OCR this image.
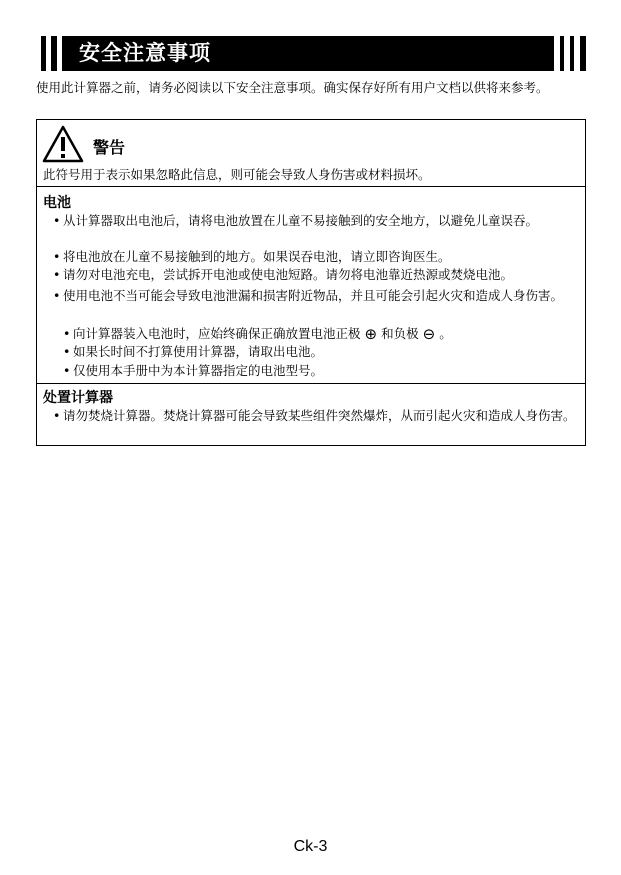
安全注意事项
使用此计算器之前，请务必阅读以下安全注意事项。确实保存好所有用户文档以供将来参考。
警告
此符号用于表示如果忽略此信息，则可能会导致人身伤害或材料损坏。
电池
• 从计算器取出电池后，请将电池放置在儿童不易接触到的安全地方，以避免儿童误吞。
• 将电池放在儿童不易接触到的地方。如果误吞电池，请立即咨询医生。
• 请勿对电池充电，尝试拆开电池或使电池短路。请勿将电池靠近热源或焚烧电池。
• 使用电池不当可能会导致电池泄漏和损害附近物品，并且可能会引起火灾和造成人身伤害。
• 向计算器装入电池时，应始终确保正确放置电池正极 ⊕ 和负极 ⊖ 。
• 如果长时间不打算使用计算器，请取出电池。
• 仅使用本手册中为本计算器指定的电池型号。
处置计算器
• 请勿焚烧计算器。焚烧计算器可能会导致某些组件突然爆炸，从而引起火灾和造成人身伤害。
Ck-3
